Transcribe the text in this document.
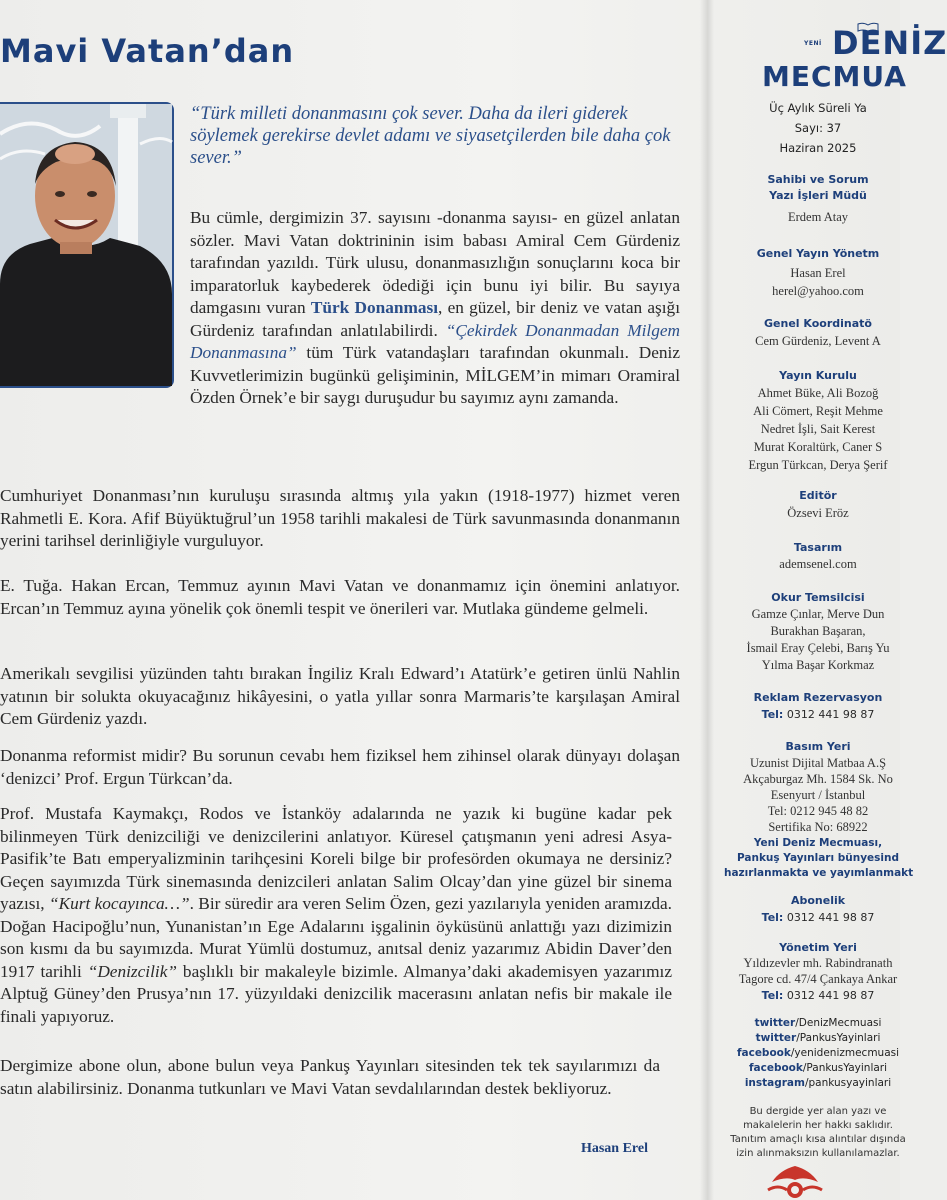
Mavi Vatan’dan

“Türk milleti donanmasını çok sever. Daha da ileri giderek söylemek gerekirse devlet adamı ve siyasetçilerden bile daha çok sever.”

Bu cümle, dergimizin 37. sayısını -donanma sayısı- en güzel anlatan sözler. Mavi Vatan doktrininin isim babası Amiral Cem Gürdeniz tarafından yazıldı. Türk ulusu, donanmasızlığın sonuçlarını koca bir imparatorluk kaybederek ödediği için bunu iyi bilir. Bu sayıya damgasını vuran Türk Donanması, en güzel, bir deniz ve vatan aşığı Gürdeniz tarafından anlatılabilirdi. “Çekirdek Donanmadan Milgem Donanmasına” tüm Türk vatandaşları tarafından okunmalı. Deniz Kuvvetlerimizin bugünkü gelişiminin, MİLGEM’in mimarı Oramiral Özden Örnek’e bir saygı duruşudur bu sayımız aynı zamanda.

Cumhuriyet Donanması’nın kuruluşu sırasında altmış yıla yakın (1918-1977) hizmet veren Rahmetli E. Kora. Afif Büyüktuğrul’un 1958 tarihli makalesi de Türk savunmasında donanmanın yerini tarihsel derinliğiyle vurguluyor.

E. Tuğa. Hakan Ercan, Temmuz ayının Mavi Vatan ve donanmamız için önemini anlatıyor. Ercan’ın Temmuz ayına yönelik çok önemli tespit ve önerileri var. Mutlaka gündeme gelmeli.

Amerikalı sevgilisi yüzünden tahtı bırakan İngiliz Kralı Edward’ı Atatürk’e getiren ünlü Nahlin yatının bir solukta okuyacağınız hikâyesini, o yatla yıllar sonra Marmaris’te karşılaşan Amiral Cem Gürdeniz yazdı.

Donanma reformist midir? Bu sorunun cevabı hem fiziksel hem zihinsel olarak dünyayı dolaşan ‘denizci’ Prof. Ergun Türkcan’da.

Prof. Mustafa Kaymakçı, Rodos ve İstanköy adalarında ne yazık ki bugüne kadar pek bilinmeyen Türk denizciliği ve denizcilerini anlatıyor. Küresel çatışmanın yeni adresi Asya-Pasifik’te Batı emperyalizminin tarihçesini Koreli bilge bir profesörden okumaya ne dersiniz? Geçen sayımızda Türk sinemasında denizcileri anlatan Salim Olcay’dan yine güzel bir sinema yazısı, “Kurt kocayınca…”. Bir süredir ara veren Selim Özen, gezi yazılarıyla yeniden aramızda. Doğan Hacipoğlu’nun, Yunanistan’ın Ege Adalarını işgalinin öyküsünü anlattığı yazı dizimizin son kısmı da bu sayımızda. Murat Yümlü dostumuz, anıtsal deniz yazarımız Abidin Daver’den 1917 tarihli “Denizcilik” başlıklı bir makaleyle bizimle. Almanya’daki akademisyen yazarımız Alptuğ Güney’den Prusya’nın 17. yüzyıldaki denizcilik macerasını anlatan nefis bir makale ile finali yapıyoruz.

Dergimize abone olun, abone bulun veya Pankuş Yayınları sitesinden tek tek sayılarımızı da satın alabilirsiniz. Donanma tutkunları ve Mavi Vatan sevdalılarından destek bekliyoruz.

Hasan Erel

YENİ DENİZ
MECMUA

Üç Aylık Süreli Ya

Sayı: 37

Haziran 2025

Sahibi ve Sorum

Yazı İşleri Müdü

Erdem Atay

Genel Yayın Yönetm

Hasan Erel

herel@yahoo.com

Genel Koordinatö

Cem Gürdeniz, Levent A

Yayın Kurulu

Ahmet Büke, Ali Bozoğ

Ali Cömert, Reşit Mehme

Nedret İşli, Sait Kerest

Murat Koraltürk, Caner S

Ergun Türkcan, Derya Şerif

Editör

Özsevi Eröz

Tasarım

ademsenel.com

Okur Temsilcisi

Gamze Çınlar, Merve Dun

Burakhan Başaran,

İsmail Eray Çelebi, Barış Yu

Yılma Başar Korkmaz

Reklam Rezervasyon

Tel: 0312 441 98 87

Basım Yeri

Uzunist Dijital Matbaa A.Ş

Akçaburgaz Mh. 1584 Sk. No

Esenyurt / İstanbul

Tel: 0212 945 48 82

Sertifika No: 68922

Yeni Deniz Mecmuası,

Pankuş Yayınları bünyesind

hazırlanmakta ve yayımlanmakt

Abonelik

Tel: 0312 441 98 87

Yönetim Yeri

Yıldızevler mh. Rabindranath

Tagore cd. 47/4 Çankaya Ankar

Tel: 0312 441 98 87

twitter/DenizMecmuasi

twitter/PankusYayinlari

facebook/yenidenizmecmuasi

facebook/PankusYayinlari

instagram/pankusyayinlari

Bu dergide yer alan yazı ve

makalelerin her hakkı saklıdır.

Tanıtım amaçlı kısa alıntılar dışında

izin alınmaksızın kullanılamazlar.
